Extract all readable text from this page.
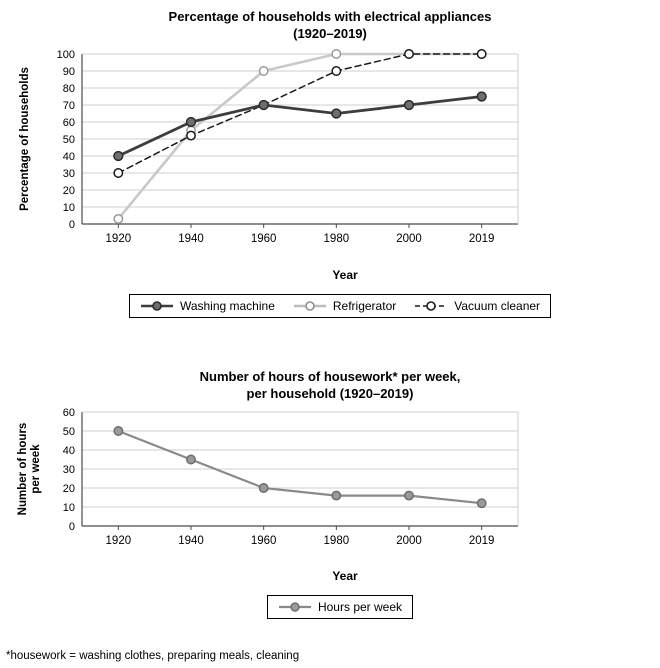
Percentage of households with electrical appliances
(1920–2019)
0
10
20
30
40
50
60
70
80
90
100
1920	1940	1960	1980	2000	2019
Percentage of households
Year
Washing machine	Refrigerator	Vacuum cleaner
Number of hours of housework* per week,
per household (1920–2019)
0
10
20
30
40
50
60
1920	1940	1960	1980	2000	2019
Number of hours per week
Year
Hours per week
*housework = washing clothes, preparing meals, cleaning
